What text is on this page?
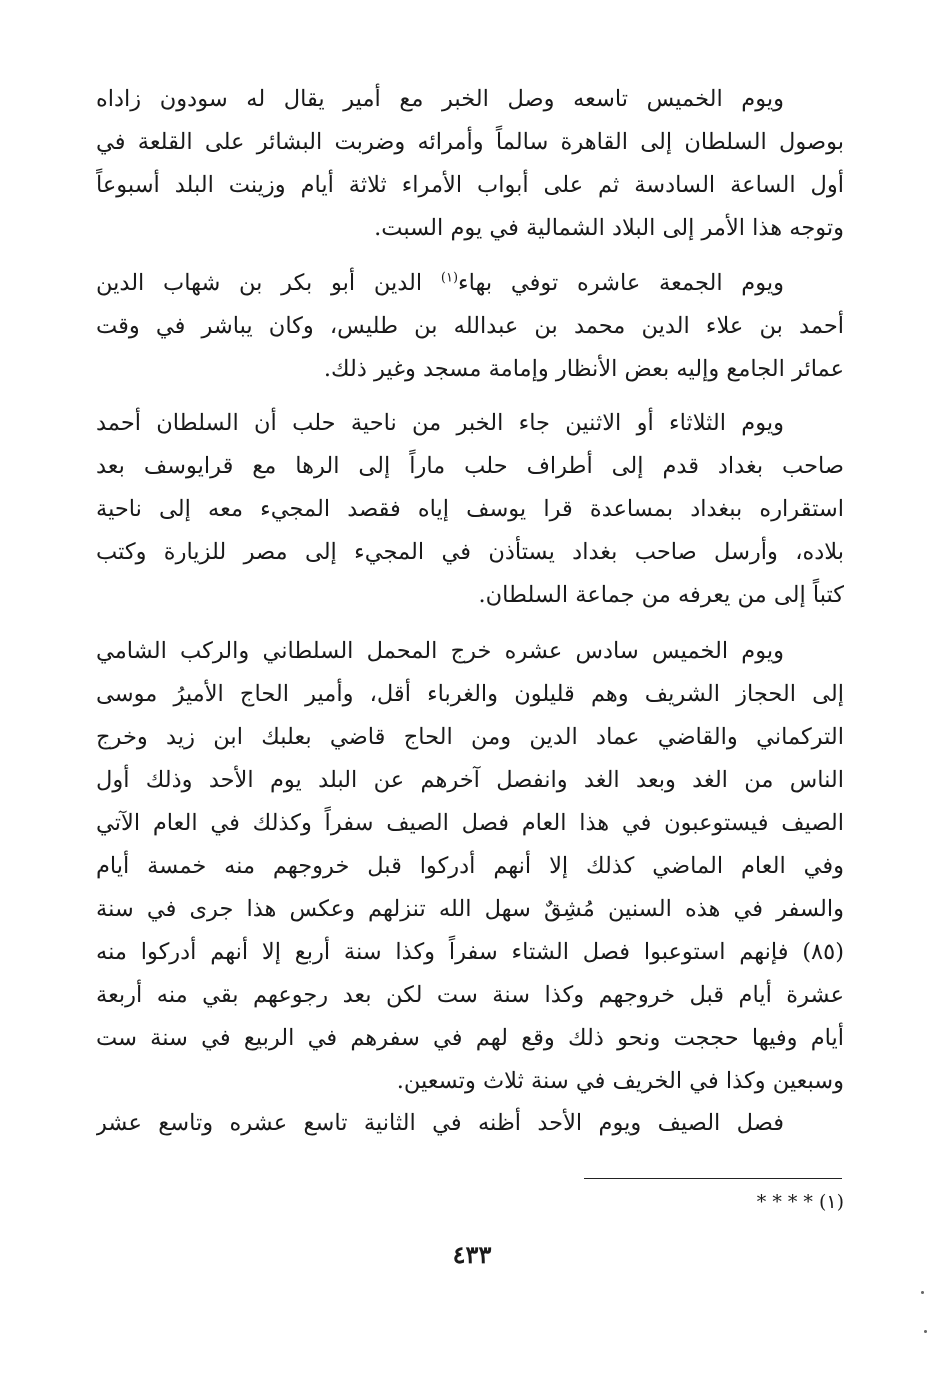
ويوم الخميس تاسعه وصل الخبر مع أمير يقال له سودون زاداه
بوصول السلطان إلى القاهرة سالماً وأمرائه وضربت البشائر على القلعة في
أول الساعة السادسة ثم على أبواب الأمراء ثلاثة أيام وزينت البلد أسبوعاً
وتوجه هذا الأمر إلى البلاد الشمالية في يوم السبت.
ويوم الجمعة عاشره توفي بهاء$^{(١)}$ الدين أبو بكر بن شهاب الدين
أحمد بن علاء الدين محمد بن عبدالله بن طليس، وكان يباشر في وقت
عمائر الجامع وإليه بعض الأنظار وإمامة مسجد وغير ذلك.
ويوم الثلاثاء أو الاثنين جاء الخبر من ناحية حلب أن السلطان أحمد
صاحب بغداد قدم إلى أطراف حلب ماراً إلى الرها مع قرايوسف بعد
استقراره ببغداد بمساعدة قرا يوسف إياه فقصد المجيء معه إلى ناحية
بلاده، وأرسل صاحب بغداد يستأذن في المجيء إلى مصر للزيارة وكتب
كتباً إلى من يعرفه من جماعة السلطان.
ويوم الخميس سادس عشره خرج المحمل السلطاني والركب الشامي
إلى الحجاز الشريف وهم قليلون والغرباء أقل، وأمير الحاج الأميرُ موسى
التركماني والقاضي عماد الدين ومن الحاج قاضي بعلبك ابن زيد وخرج
الناس من الغد وبعد الغد وانفصل آخرهم عن البلد يوم الأحد وذلك أول
الصيف فيستوعبون في هذا العام فصل الصيف سفراً وكذلك في العام الآتي
وفي العام الماضي كذلك إلا أنهم أدركوا قبل خروجهم منه خمسة أيام
والسفر في هذه السنين مُشِقٌ سهل الله تنزلهم وعكس هذا جرى في سنة
(٨٥) فإنهم استوعبوا فصل الشتاء سفراً وكذا سنة أربع إلا أنهم أدركوا منه
عشرة أيام قبل خروجهم وكذا سنة ست لكن بعد رجوعهم بقي منه أربعة
أيام وفيها حججت ونحو ذلك وقع لهم في سفرهم في الربيع في سنة ست
وسبعين وكذا في الخريف في سنة ثلاث وتسعين.
فصل الصيف ويوم الأحد أظنه في الثانية تاسع عشره وتاسع عشر
(١) * * * *
٤٣٣
